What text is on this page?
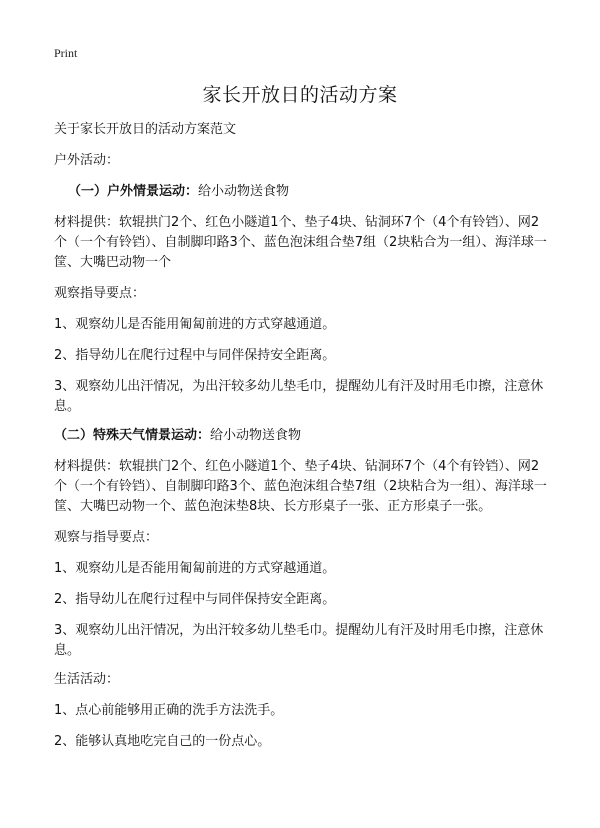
Print
家长开放日的活动方案

关于家长开放日的活动方案范文

户外活动：

（一）户外情景运动：给小动物送食物

材料提供：软辊拱门2个、红色小隧道1个、垫子4块、钻洞环7个（4个有铃铛）、网2个（一个有铃铛）、自制脚印路3个、蓝色泡沫组合垫7组（2块粘合为一组）、海洋球一筐、大嘴巴动物一个

观察指导要点：

1、观察幼儿是否能用匍匐前进的方式穿越通道。

2、指导幼儿在爬行过程中与同伴保持安全距离。

3、观察幼儿出汗情况，为出汗较多幼儿垫毛巾，提醒幼儿有汗及时用毛巾擦，注意休息。

（二）特殊天气情景运动：给小动物送食物

材料提供：软辊拱门2个、红色小隧道1个、垫子4块、钻洞环7个（4个有铃铛）、网2个（一个有铃铛）、自制脚印路3个、蓝色泡沫组合垫7组（2块粘合为一组）、海洋球一筐、大嘴巴动物一个、蓝色泡沫垫8块、长方形桌子一张、正方形桌子一张。

观察与指导要点：

1、观察幼儿是否能用匍匐前进的方式穿越通道。

2、指导幼儿在爬行过程中与同伴保持安全距离。

3、观察幼儿出汗情况，为出汗较多幼儿垫毛巾。提醒幼儿有汗及时用毛巾擦，注意休息。

生活活动：

1、点心前能够用正确的洗手方法洗手。

2、能够认真地吃完自己的一份点心。
